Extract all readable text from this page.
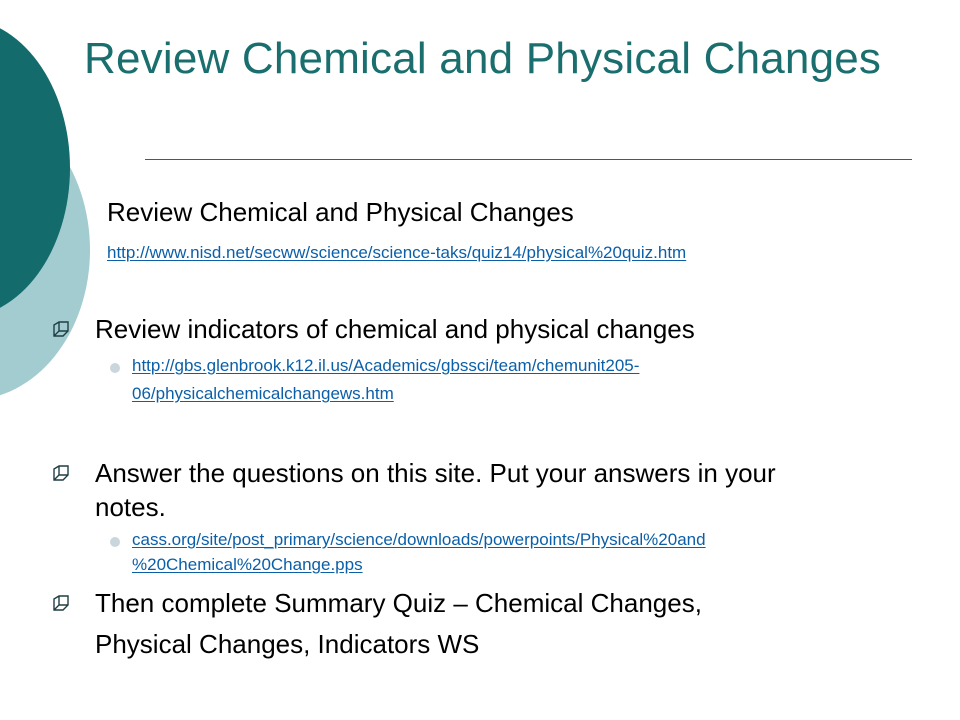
Review Chemical and Physical Changes
Review Chemical and Physical Changes
http://www.nisd.net/secww/science/science-taks/quiz14/physical%20quiz.htm
Review indicators of chemical and physical changes
http://gbs.glenbrook.k12.il.us/Academics/gbssci/team/chemunit205-
06/physicalchemicalchangews.htm
Answer the questions on this site. Put your answers in your
notes.
cass.org/site/post_primary/science/downloads/powerpoints/Physical%20and
%20Chemical%20Change.pps
Then complete Summary Quiz – Chemical Changes,
Physical Changes, Indicators WS
